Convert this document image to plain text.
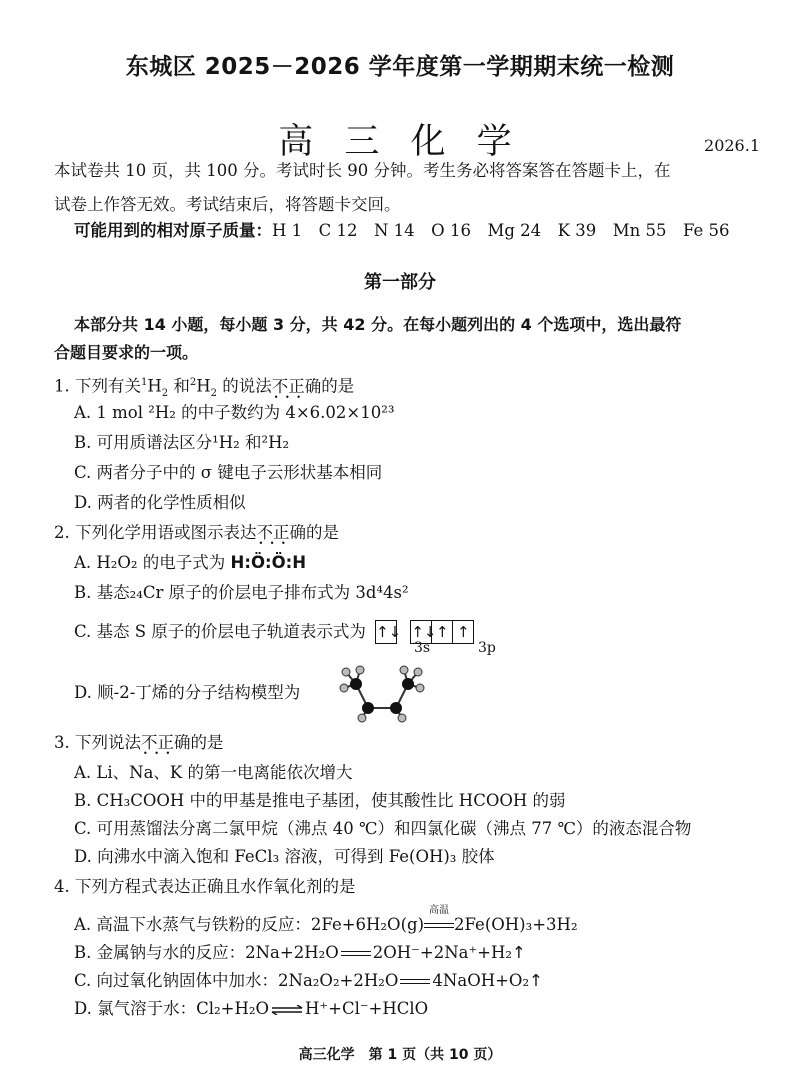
东城区 2025－2026 学年度第一学期期末统一检测
高 三 化 学	2026.1
本试卷共 10 页，共 100 分。考试时长 90 分钟。考生务必将答案答在答题卡上，在
试卷上作答无效。考试结束后，将答题卡交回。
可能用到的相对原子质量：H 1　C 12　N 14　O 16　Mg 24　K 39　Mn 55　Fe 56
第一部分
本部分共 14 小题，每小题 3 分，共 42 分。在每小题列出的 4 个选项中，选出最符
合题目要求的一项。
1. 下列有关$^1H_2$ 和$^2H_2$ 的说法不正确 • • •的是
A. 1 mol ²H₂ 的中子数约为 4×6.02×10²³
B. 可用质谱法区分¹H₂ 和²H₂
C. 两者分子中的 σ 键电子云形状基本相同
D. 两者的化学性质相似
2. 下列化学用语或图示表达不正确 • • •的是
A. H₂O₂ 的电子式为 H:Ö:Ö:H
B. 基态₂₄Cr 原子的价层电子排布式为 3d⁴4s²
C. 基态 S 原子的价层电子轨道表示式为 ↑↓
↑↓ ↑ ↑
3s	3p
D. 顺-2-丁烯的分子结构模型为
3. 下列说法不正确 • • •的是
A. Li、Na、K 的第一电离能依次增大
B. CH₃COOH 中的甲基是推电子基团，使其酸性比 HCOOH 的弱
C. 可用蒸馏法分离二氯甲烷（沸点 40 ℃）和四氯化碳（沸点 77 ℃）的液态混合物
D. 向沸水中滴入饱和 FeCl₃ 溶液，可得到 Fe(OH)₃ 胶体
4. 下列方程式表达正确且水作氧化剂的是
A. 高温下水蒸气与铁粉的反应：2Fe+6H₂O(g)
高温
2Fe(OH)₃+3H₂
B. 金属钠与水的反应：2Na+2H₂O 2OH⁻+2Na⁺+H₂↑
C. 向过氧化钠固体中加水：2Na₂O₂+2H₂O 4NaOH+O₂↑
D. 氯气溶于水：Cl₂+H₂O ⇌ H⁺+Cl⁻+HClO
高三化学　第 1 页（共 10 页）
